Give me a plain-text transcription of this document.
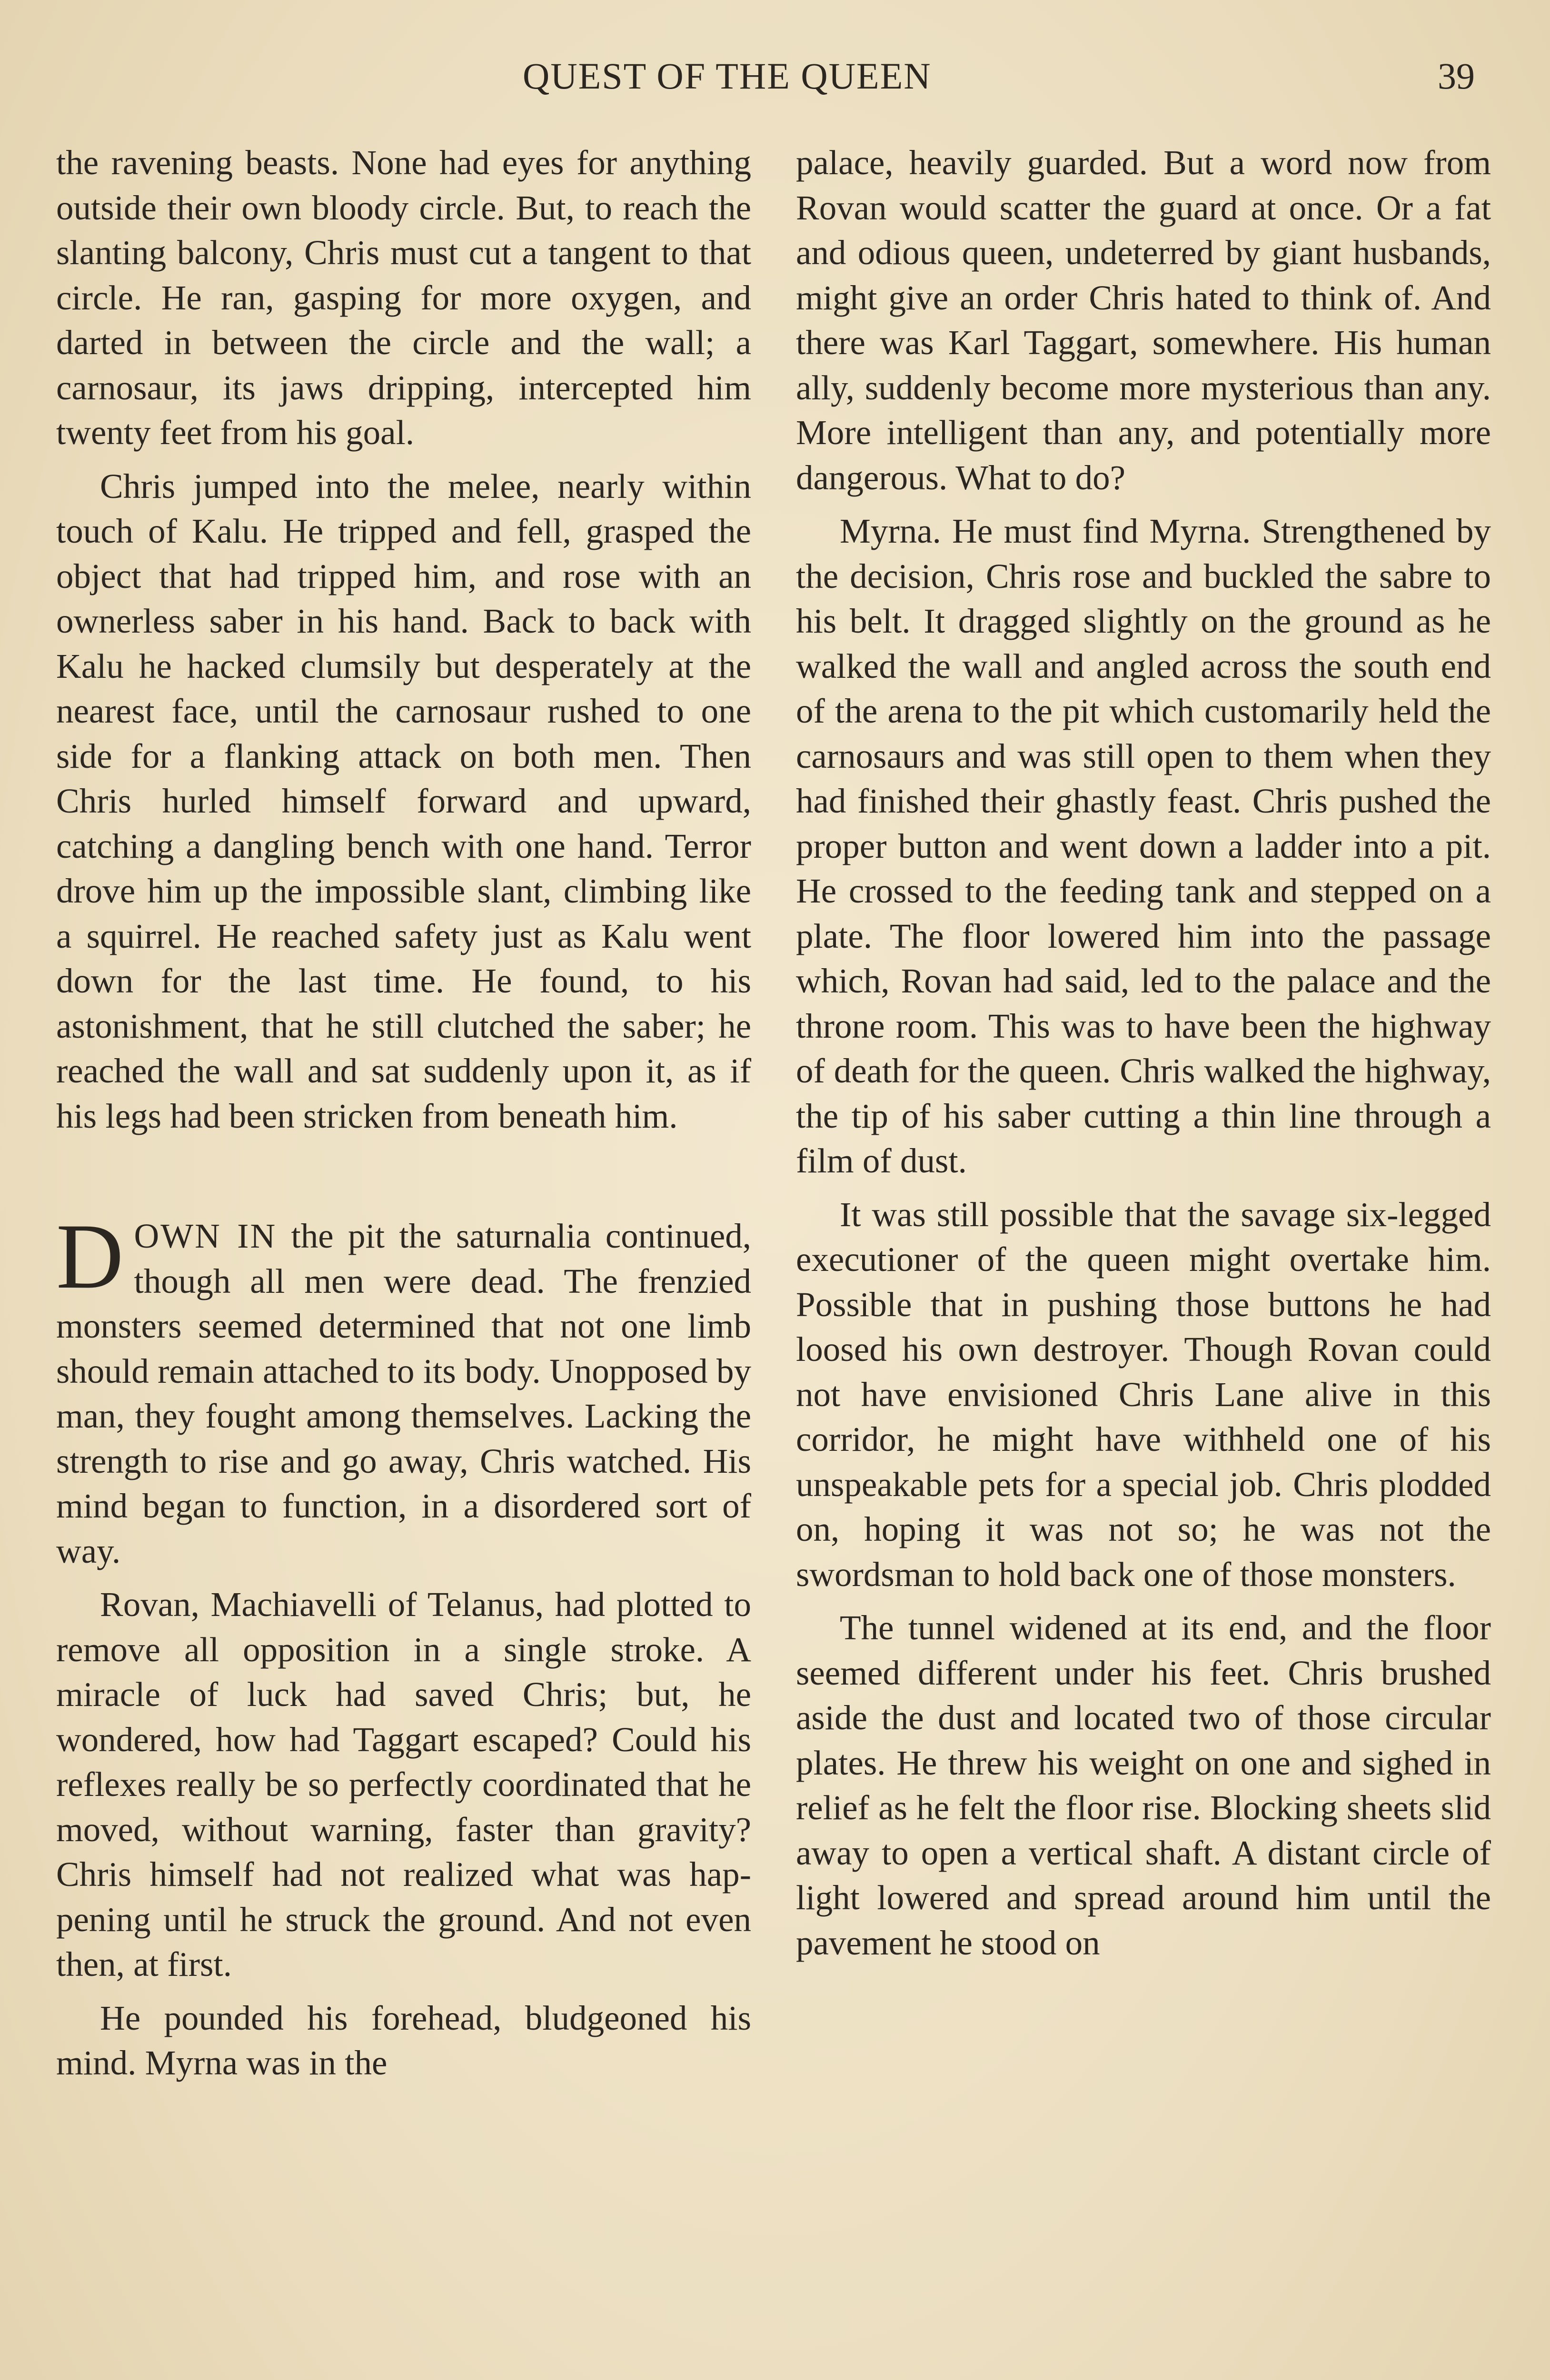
QUEST OF THE QUEEN	39

the ravening beasts. None had eyes for anything outside their own bloody circle. But, to reach the slanting balcony, Chris must cut a tangent to that circle. He ran, gasping for more oxygen, and darted in between the circle and the wall; a carnosaur, its jaws dripping, intercepted him twenty feet from his goal.

Chris jumped into the melee, nearly within touch of Kalu. He tripped and fell, grasped the object that had tripped him, and rose with an ownerless saber in his hand. Back to back with Kalu he hacked clumsily but desperately at the nearest face, until the carnosaur rushed to one side for a flanking attack on both men. Then Chris hurled himself forward and upward, catching a dangling bench with one hand. Terror drove him up the impossible slant, climbing like a squirrel. He reached safety just as Kalu went down for the last time. He found, to his astonishment, that he still clutched the saber; he reached the wall and sat suddenly upon it, as if his legs had been stricken from beneath him.

DOWN IN the pit the saturnalia continued, though all men were dead. The frenzied monsters seemed determined that not one limb should remain attached to its body. Unopposed by man, they fought among themselves. Lacking the strength to rise and go away, Chris watched. His mind began to function, in a disordered sort of way.

Rovan, Machiavelli of Telanus, had plotted to remove all opposition in a single stroke. A miracle of luck had saved Chris; but, he wondered, how had Taggart escaped? Could his reflexes really be so perfectly coordinated that he moved, without warning, faster than gravity? Chris himself had not realized what was happening until he struck the ground. And not even then, at first.

He pounded his forehead, bludgeoned his mind. Myrna was in the

palace, heavily guarded. But a word now from Rovan would scatter the guard at once. Or a fat and odious queen, undeterred by giant husbands, might give an order Chris hated to think of. And there was Karl Taggart, somewhere. His human ally, suddenly become more mysterious than any. More intelligent than any, and potentially more dangerous. What to do?

Myrna. He must find Myrna. Strengthened by the decision, Chris rose and buckled the sabre to his belt. It dragged slightly on the ground as he walked the wall and angled across the south end of the arena to the pit which customarily held the carnosaurs and was still open to them when they had finished their ghastly feast. Chris pushed the proper button and went down a ladder into a pit. He crossed to the feeding tank and stepped on a plate. The floor lowered him into the passage which, Rovan had said, led to the palace and the throne room. This was to have been the highway of death for the queen. Chris walked the highway, the tip of his saber cutting a thin line through a film of dust.

It was still possible that the savage six-legged executioner of the queen might overtake him. Possible that in pushing those buttons he had loosed his own destroyer. Though Rovan could not have envisioned Chris Lane alive in this corridor, he might have withheld one of his unspeakable pets for a special job. Chris plodded on, hoping it was not so; he was not the swordsman to hold back one of those monsters.

The tunnel widened at its end, and the floor seemed different under his feet. Chris brushed aside the dust and located two of those circular plates. He threw his weight on one and sighed in relief as he felt the floor rise. Blocking sheets slid away to open a vertical shaft. A distant circle of light lowered and spread around him until the pavement he stood on
